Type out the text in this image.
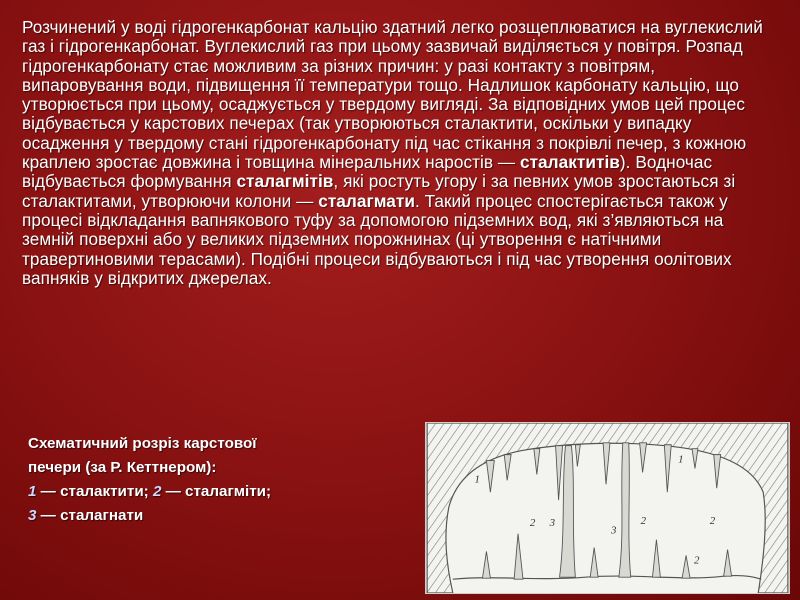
Розчинений у воді гідрогенкарбонат кальцію здатний легко розщеплюватися на вуглекислий газ і гідрогенкарбонат. Вуглекислий газ при цьому зазвичай виділяється у повітря. Розпад гідрогенкарбонату стає можливим за різних причин: у разі контакту з повітрям, випаровування води, підвищення її температури тощо. Надлишок карбонату кальцію, що утворюється при цьому, осаджується у твердому вигляді. За відповідних умов цей процес відбувається у карстових печерах (так утворюються сталактити, оскільки у випадку осадження у твердому стані гідрогенкарбонату під час стікання з покрівлі печер, з кожною краплею зростає довжина і товщина мінеральних наростів — сталактитів). Водночас відбувається формування сталагмітів, які ростуть угору і за певних умов зростаються зі сталактитами, утворюючи колони — сталагмати. Такий процес спостерігається також у процесі відкладання вапнякового туфу за допомогою підземних вод, які з’являються на земній поверхні або у великих підземних порожнинах (ці утворення є натічними травертиновими терасами). Подібні процеси відбуваються і під час утворення оолітових вапняків у відкритих джерелах.

Схематичний розріз карстової печери (за Р. Кеттнером):
1 — сталактити; 2 — сталагміти; 3 — сталагнати

1
1
2 3
3
2	2
2
